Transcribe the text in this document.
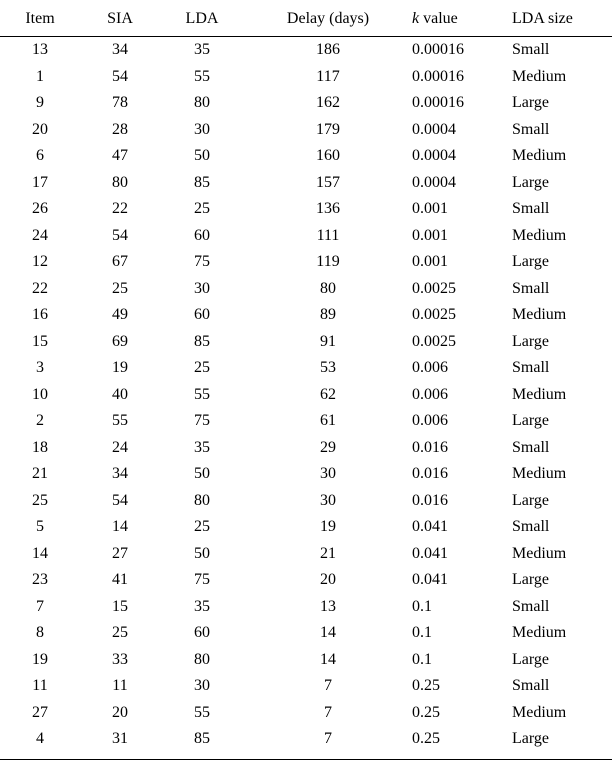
Item	SIA	LDA	Delay (days)	k value	LDA size
13	34	35	186	0.00016	Small
1	54	55	117	0.00016	Medium
9	78	80	162	0.00016	Large
20	28	30	179	0.0004	Small
6	47	50	160	0.0004	Medium
17	80	85	157	0.0004	Large
26	22	25	136	0.001	Small
24	54	60	111	0.001	Medium
12	67	75	119	0.001	Large
22	25	30	80	0.0025	Small
16	49	60	89	0.0025	Medium
15	69	85	91	0.0025	Large
3	19	25	53	0.006	Small
10	40	55	62	0.006	Medium
2	55	75	61	0.006	Large
18	24	35	29	0.016	Small
21	34	50	30	0.016	Medium
25	54	80	30	0.016	Large
5	14	25	19	0.041	Small
14	27	50	21	0.041	Medium
23	41	75	20	0.041	Large
7	15	35	13	0.1	Small
8	25	60	14	0.1	Medium
19	33	80	14	0.1	Large
11	11	30	7	0.25	Small
27	20	55	7	0.25	Medium
4	31	85	7	0.25	Large
